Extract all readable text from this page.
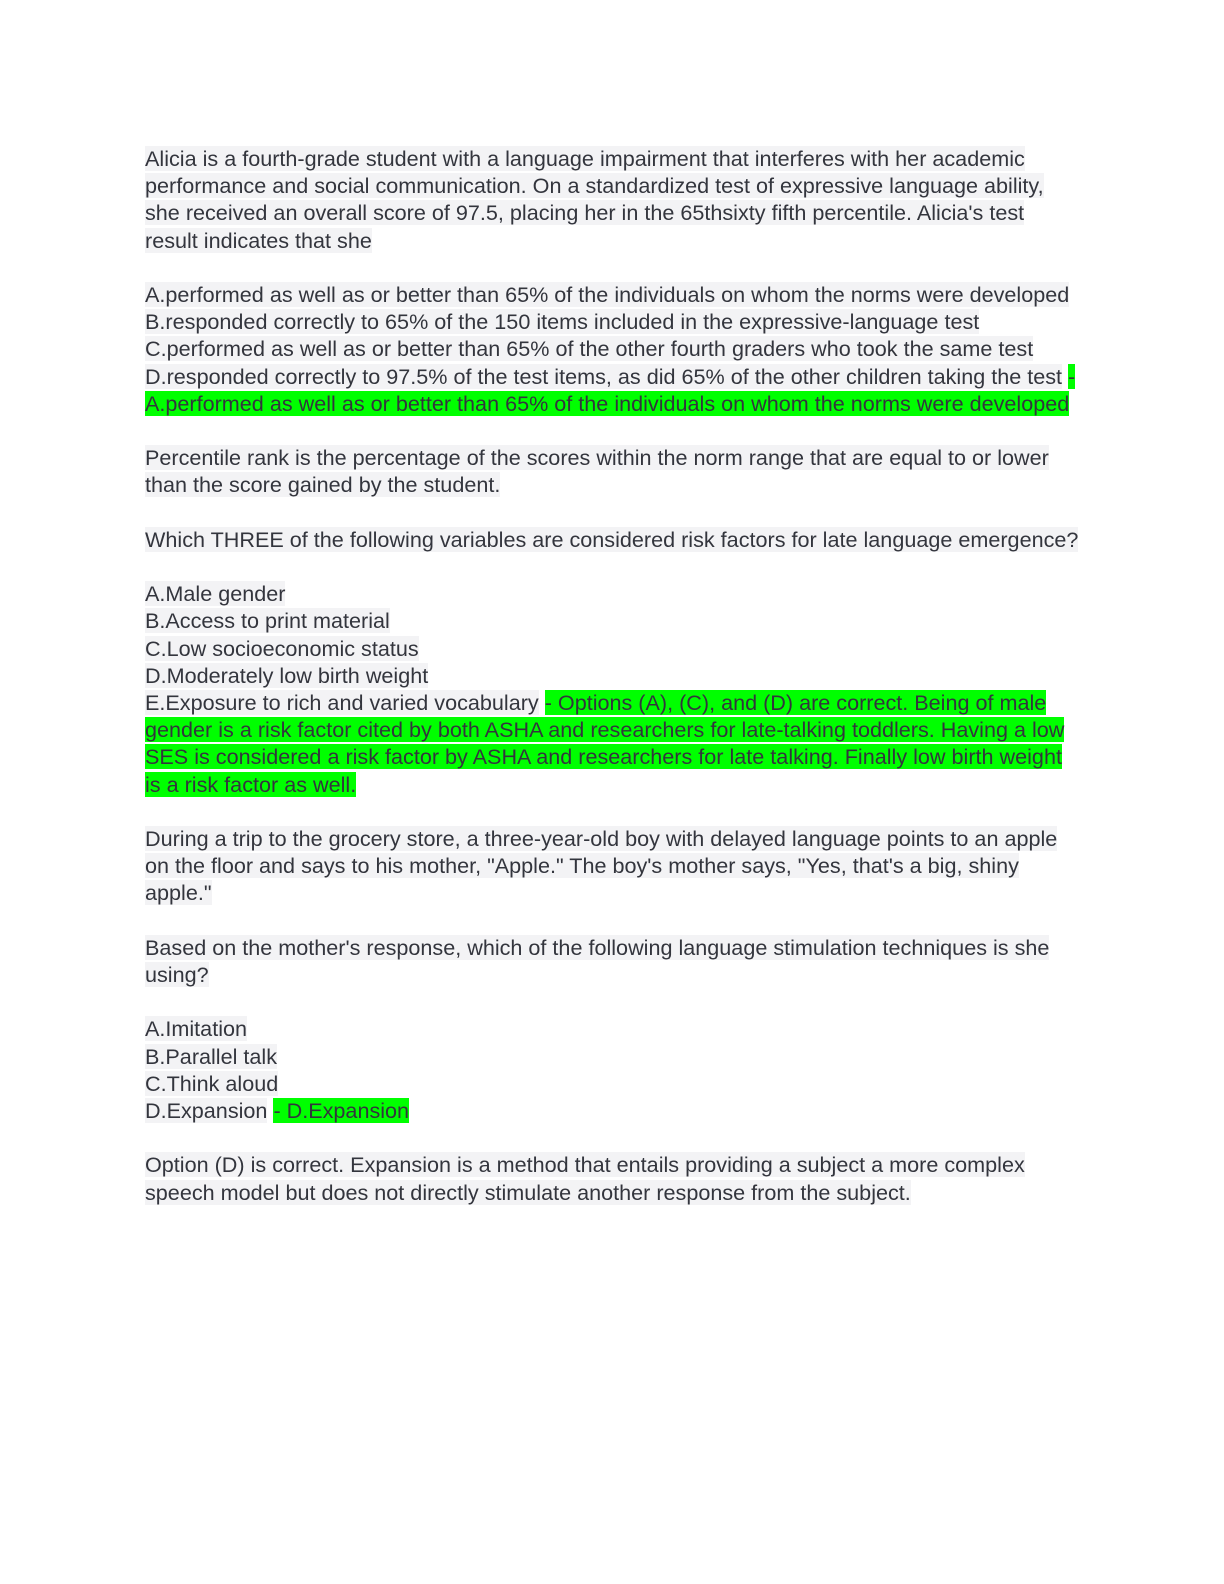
Alicia is a fourth-grade student with a language impairment that interferes with her academic performance and social communication. On a standardized test of expressive language ability, she received an overall score of 97.5, placing her in the 65thsixty fifth percentile. Alicia's test result indicates that she
A.performed as well as or better than 65% of the individuals on whom the norms were developed
B.responded correctly to 65% of the 150 items included in the expressive-language test
C.performed as well as or better than 65% of the other fourth graders who took the same test
D.responded correctly to 97.5% of the test items, as did 65% of the other children taking the test - A.performed as well as or better than 65% of the individuals on whom the norms were developed
Percentile rank is the percentage of the scores within the norm range that are equal to or lower than the score gained by the student.
Which THREE of the following variables are considered risk factors for late language emergence?
A.Male gender
B.Access to print material
C.Low socioeconomic status
D.Moderately low birth weight
E.Exposure to rich and varied vocabulary - Options (A), (C), and (D) are correct. Being of male gender is a risk factor cited by both ASHA and researchers for late-talking toddlers. Having a low SES is considered a risk factor by ASHA and researchers for late talking. Finally low birth weight is a risk factor as well.
During a trip to the grocery store, a three-year-old boy with delayed language points to an apple on the floor and says to his mother, "Apple." The boy's mother says, "Yes, that's a big, shiny apple."
Based on the mother's response, which of the following language stimulation techniques is she using?
A.Imitation
B.Parallel talk
C.Think aloud
D.Expansion - D.Expansion
Option (D) is correct. Expansion is a method that entails providing a subject a more complex speech model but does not directly stimulate another response from the subject.
